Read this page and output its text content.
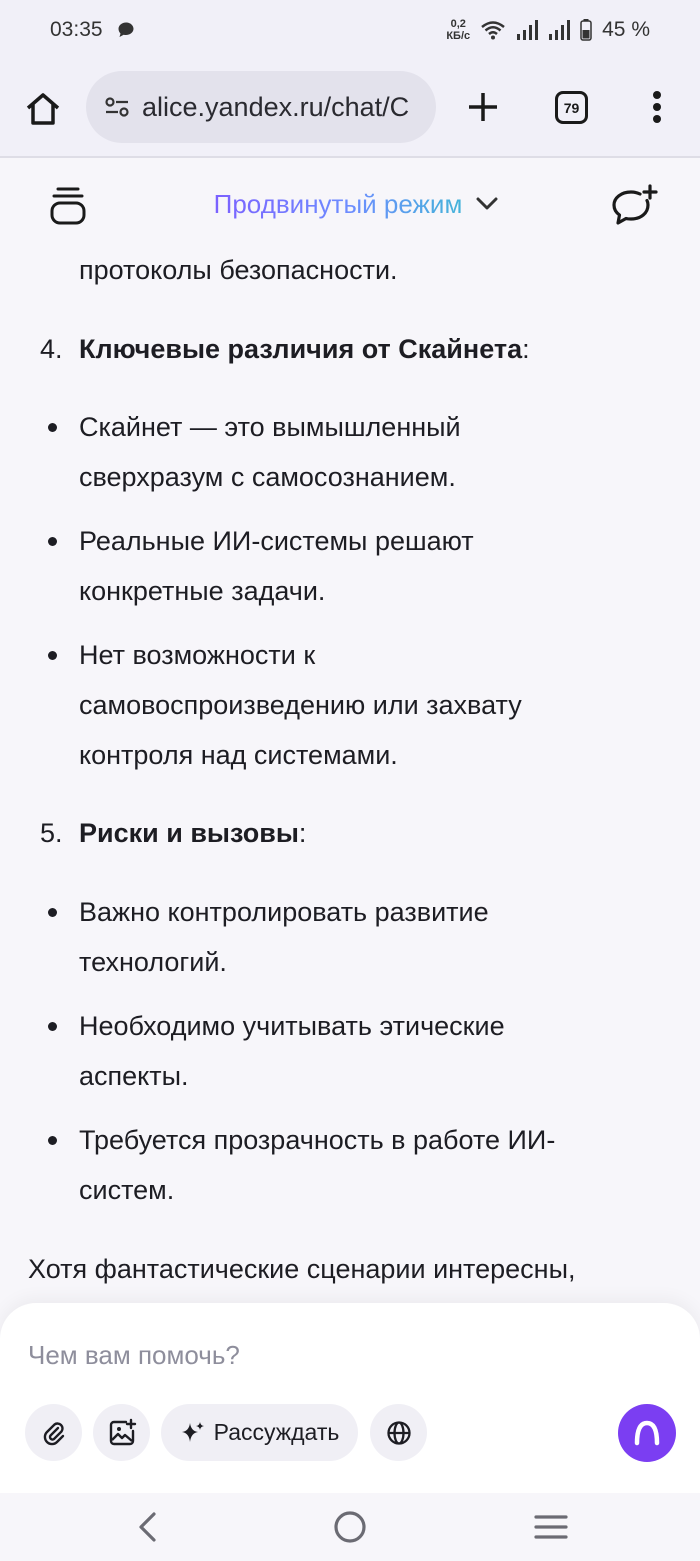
03:35	0,2
КБ/с	45 %
alice.yandex.ru/chat/C	79
Продвинутый режим
протоколы безопасности.
4. Ключевые различия от Скайнета:
Скайнет — это вымышленный
сверхразум с самосознанием.
Реальные ИИ-системы решают
конкретные задачи.
Нет возможности к
самовоспроизведению или захвату
контроля над системами.
5. Риски и вызовы:
Важно контролировать развитие
технологий.
Необходимо учитывать этические
аспекты.
Требуется прозрачность в работе ИИ-
систем.
Хотя фантастические сценарии интересны,
Чем вам помочь?
Рассуждать
